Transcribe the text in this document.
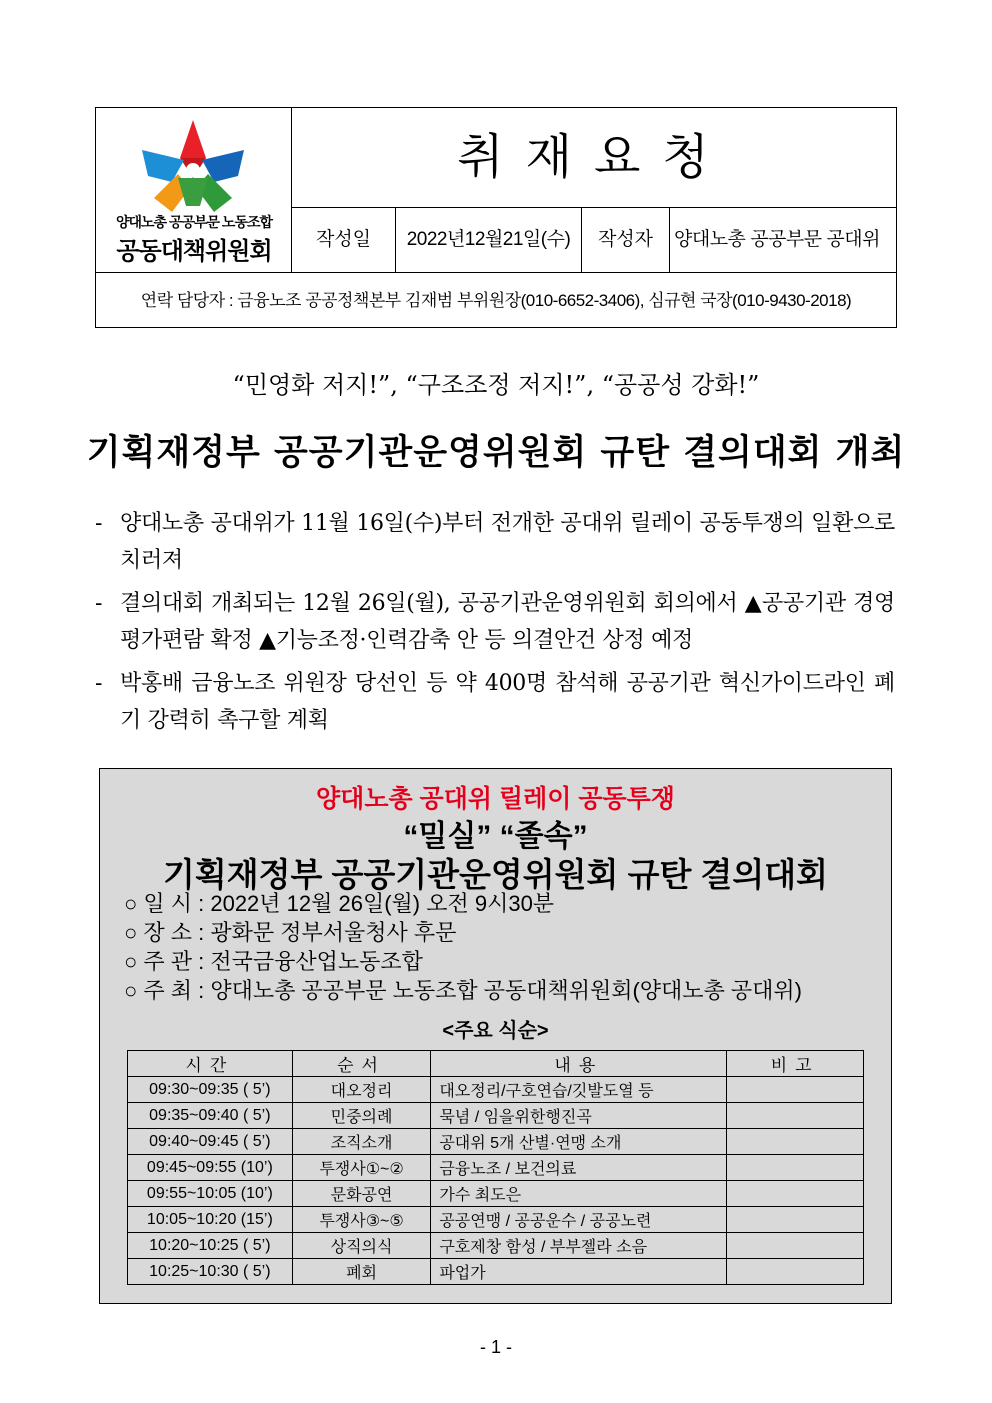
양대노총 공공부문 노동조합
공동대책위원회
취재요청
작성일	2022년12월21일(수)	작성자	양대노총 공공부문 공대위
연락 담당자 : 금융노조 공공정책본부 김재범 부위원장(010-6652-3406), 심규현 국장(010-9430-2018)
“민영화 저지!”, “구조조정 저지!”, “공공성 강화!”
기획재정부 공공기관운영위원회 규탄 결의대회 개최
- 양대노총 공대위가 11월 16일(수)부터 전개한 공대위 릴레이 공동투쟁의 일환으로 치러져
- 결의대회 개최되는 12월 26일(월), 공공기관운영위원회 회의에서 ▲공공기관 경영평가편람 확정 ▲기능조정·인력감축 안 등 의결안건 상정 예정
- 박홍배 금융노조 위원장 당선인 등 약 400명 참석해 공공기관 혁신가이드라인 폐기 강력히 촉구할 계획
양대노총 공대위 릴레이 공동투쟁
“밀실” “졸속”
기획재정부 공공기관운영위원회 규탄 결의대회
○ 일 시 : 2022년 12월 26일(월) 오전 9시30분
○ 장 소 : 광화문 정부서울청사 후문
○ 주 관 : 전국금융산업노동조합
○ 주 최 : 양대노총 공공부문 노동조합 공동대책위원회(양대노총 공대위)
<주요 식순>
시간	순서	내용	비고
09:30~09:35 ( 5’)	대오정리	대오정리/구호연습/깃발도열 등	
09:35~09:40 ( 5’)	민중의례	묵념 / 임을위한행진곡	
09:40~09:45 ( 5’)	조직소개	공대위 5개 산별·연맹 소개	
09:45~09:55 (10’)	투쟁사①~②	금융노조 / 보건의료	
09:55~10:05 (10’)	문화공연	가수 최도은	
10:05~10:20 (15’)	투쟁사③~⑤	공공연맹 / 공공운수 / 공공노련	
10:20~10:25 ( 5’)	상직의식	구호제창 함성 / 부부젤라 소음	
10:25~10:30 ( 5’)	폐회	파업가	
- 1 -
